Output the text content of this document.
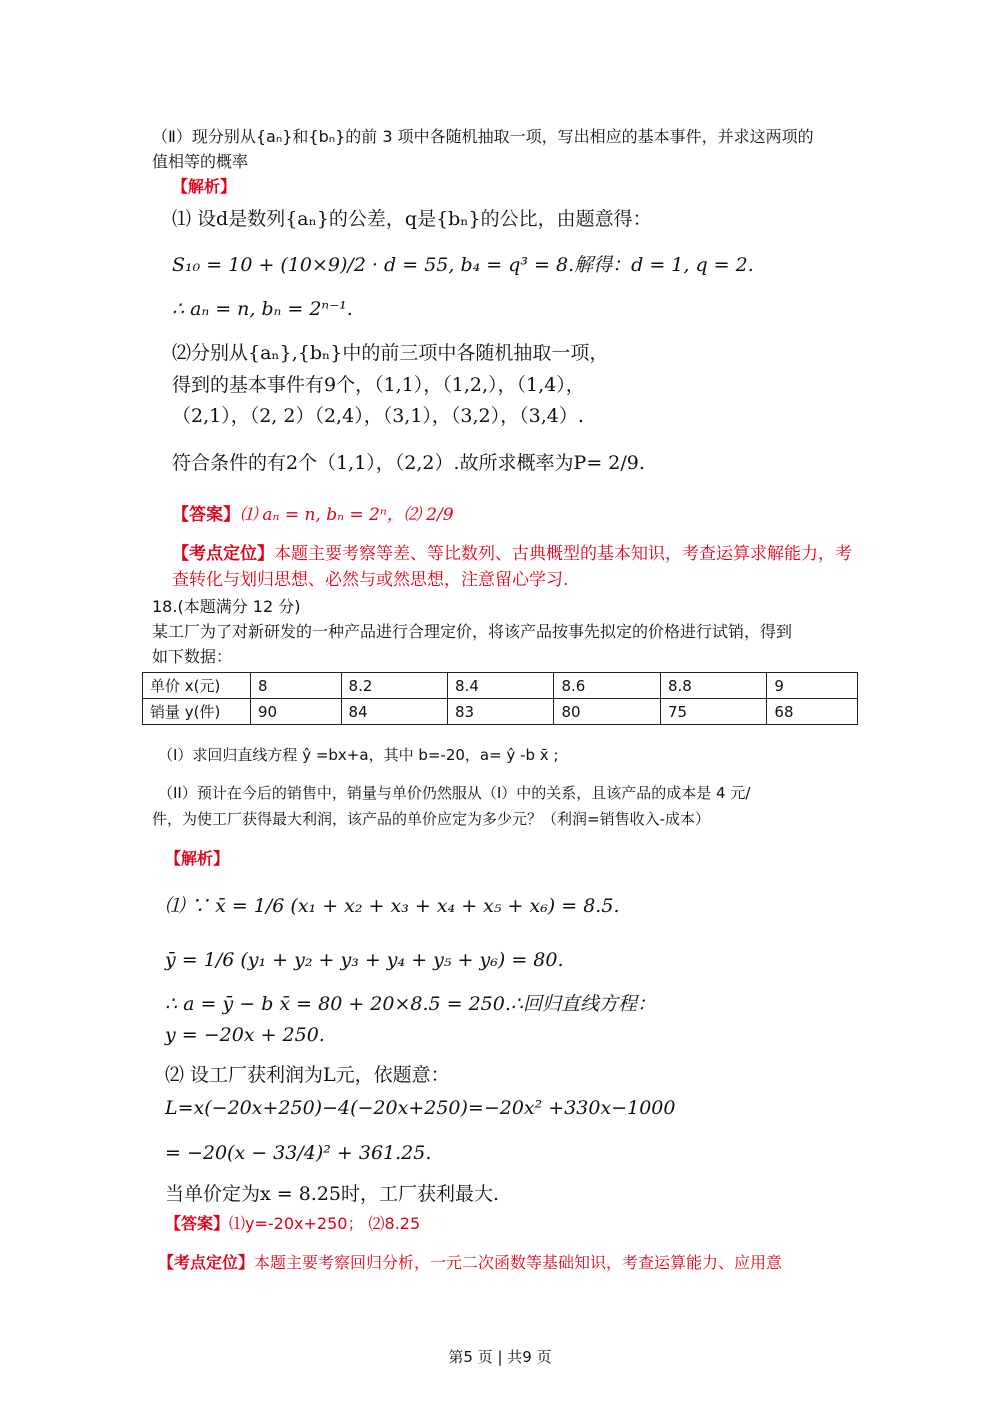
（Ⅱ）现分别从{aₙ}和{bₙ}的前 3 项中各随机抽取一项，写出相应的基本事件，并求这两项的
值相等的概率
【解析】
⑴ 设d是数列{aₙ}的公差，q是{bₙ}的公比，由题意得：
S₁₀ = 10 + (10×9)/2 · d = 55, b₄ = q³ = 8.解得：d = 1, q = 2.
∴ aₙ = n, bₙ = 2ⁿ⁻¹.
⑵分别从{aₙ},{bₙ}中的前三项中各随机抽取一项，
得到的基本事件有9个，（1,1），（1,2,），（1,4），
（2,1），（2, 2）（2,4），（3,1），（3,2），（3,4）.
符合条件的有2个（1,1），（2,2）.故所求概率为P= 2/9.
【答案】⑴ aₙ = n, bₙ = 2ⁿ，⑵ 2/9
【考点定位】本题主要考察等差、等比数列、古典概型的基本知识，考查运算求解能力，考
查转化与划归思想、必然与或然思想，注意留心学习.
18.(本题满分 12 分)
某工厂为了对新研发的一种产品进行合理定价，将该产品按事先拟定的价格进行试销，得到
如下数据：
单价 x(元)	8	8.2	8.4	8.6	8.8	9
销量 y(件)	90	84	83	80	75	68
（I）求回归直线方程 ŷ =bx+a，其中 b=-20，a= ŷ -b x̄ ;
（II）预计在今后的销售中，销量与单价仍然服从（I）中的关系，且该产品的成本是 4 元/
件，为使工厂获得最大利润，该产品的单价应定为多少元？（利润=销售收入-成本）
【解析】
⑴ ∵ x̄ = 1/6 (x₁ + x₂ + x₃ + x₄ + x₅ + x₆) = 8.5.
ȳ = 1/6 (y₁ + y₂ + y₃ + y₄ + y₅ + y₆) = 80.
∴ a = ȳ − b x̄ = 80 + 20×8.5 = 250.∴回归直线方程：
y = −20x + 250.
⑵ 设工厂获利润为L元，依题意：
L=x(−20x+250)−4(−20x+250)=−20x² +330x−1000
= −20(x − 33/4)² + 361.25.
当单价定为x = 8.25时，工厂获利最大.
【答案】⑴y=-20x+250； ⑵8.25
【考点定位】本题主要考察回归分析，一元二次函数等基础知识，考查运算能力、应用意
第5 页 | 共9 页
